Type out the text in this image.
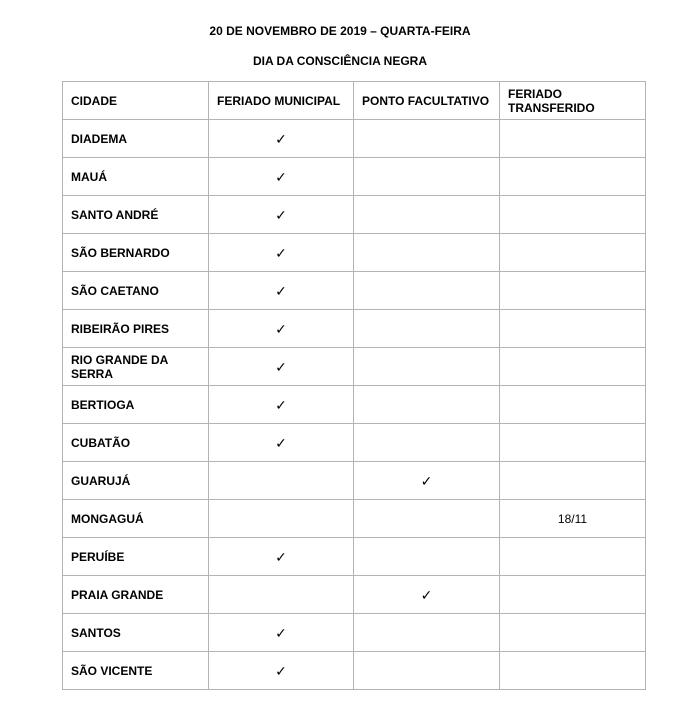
20 DE NOVEMBRO DE 2019 – QUARTA-FEIRA
DIA DA CONSCIÊNCIA NEGRA
CIDADE	FERIADO MUNICIPAL	PONTO FACULTATIVO	FERIADO TRANSFERIDO
DIADEMA	✓		
MAUÁ	✓		
SANTO ANDRÉ	✓		
SÃO BERNARDO	✓		
SÃO CAETANO	✓		
RIBEIRÃO PIRES	✓		
RIO GRANDE DA SERRA	✓		
BERTIOGA	✓		
CUBATÃO	✓		
GUARUJÁ		✓	
MONGAGUÁ			18/11
PERUÍBE	✓		
PRAIA GRANDE		✓	
SANTOS	✓		
SÃO VICENTE	✓		
